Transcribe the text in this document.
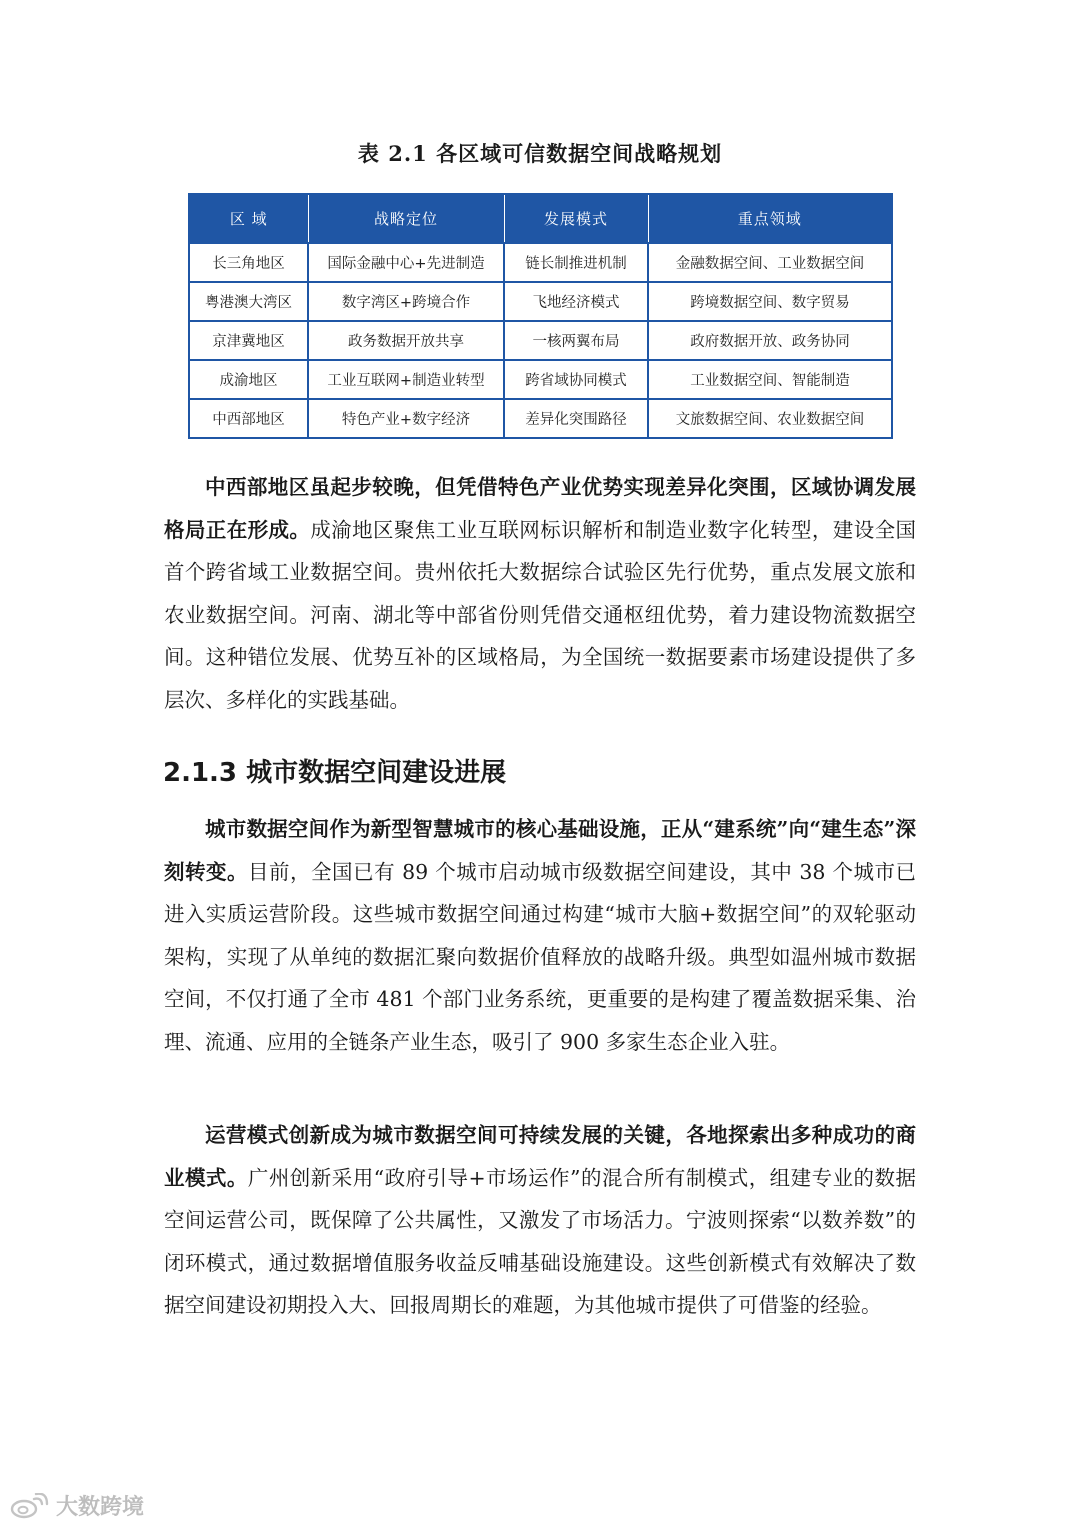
表 2.1 各区域可信数据空间战略规划
区 域	战略定位	发展模式	重点领域
长三角地区	国际金融中心+先进制造	链长制推进机制	金融数据空间、工业数据空间
粤港澳大湾区	数字湾区+跨境合作	飞地经济模式	跨境数据空间、数字贸易
京津冀地区	政务数据开放共享	一核两翼布局	政府数据开放、政务协同
成渝地区	工业互联网+制造业转型	跨省域协同模式	工业数据空间、智能制造
中西部地区	特色产业+数字经济	差异化突围路径	文旅数据空间、农业数据空间

中西部地区虽起步较晚，但凭借特色产业优势实现差异化突围，区域协调发展格局正在形成。成渝地区聚焦工业互联网标识解析和制造业数字化转型，建设全国首个跨省域工业数据空间。贵州依托大数据综合试验区先行优势，重点发展文旅和农业数据空间。河南、湖北等中部省份则凭借交通枢纽优势，着力建设物流数据空间。这种错位发展、优势互补的区域格局，为全国统一数据要素市场建设提供了多层次、多样化的实践基础。

2.1.3 城市数据空间建设进展

城市数据空间作为新型智慧城市的核心基础设施，正从“建系统”向“建生态”深刻转变。目前，全国已有 89 个城市启动城市级数据空间建设，其中 38 个城市已进入实质运营阶段。这些城市数据空间通过构建“城市大脑+数据空间”的双轮驱动架构，实现了从单纯的数据汇聚向数据价值释放的战略升级。典型如温州城市数据空间，不仅打通了全市 481 个部门业务系统，更重要的是构建了覆盖数据采集、治理、流通、应用的全链条产业生态，吸引了 900 多家生态企业入驻。

运营模式创新成为城市数据空间可持续发展的关键，各地探索出多种成功的商业模式。广州创新采用“政府引导+市场运作”的混合所有制模式，组建专业的数据空间运营公司，既保障了公共属性，又激发了市场活力。宁波则探索“以数养数”的闭环模式，通过数据增值服务收益反哺基础设施建设。这些创新模式有效解决了数据空间建设初期投入大、回报周期长的难题，为其他城市提供了可借鉴的经验。

大数跨境
